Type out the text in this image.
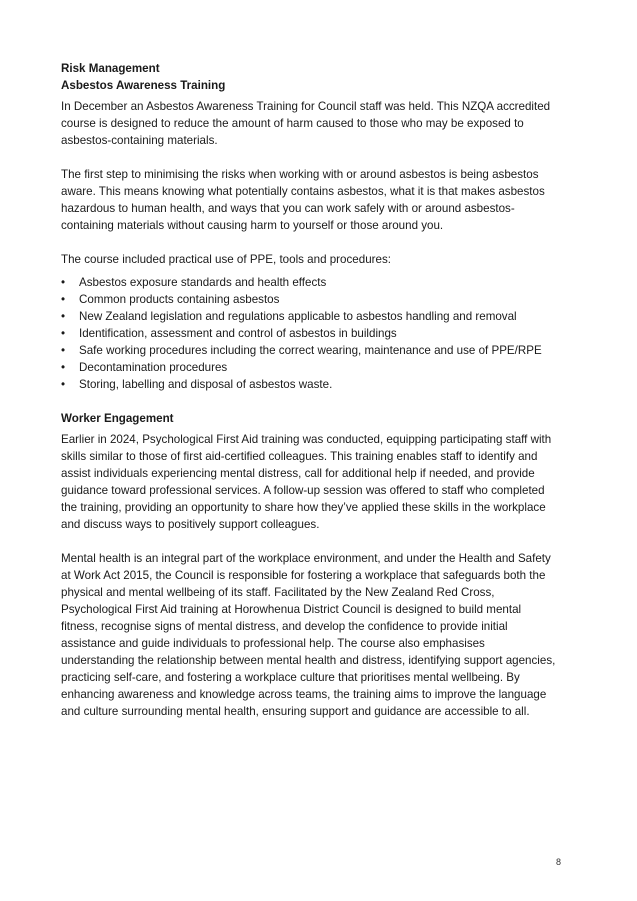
Risk Management

Asbestos Awareness Training

In December an Asbestos Awareness Training for Council staff was held. This NZQA accredited course is designed to reduce the amount of harm caused to those who may be exposed to asbestos-containing materials.

The first step to minimising the risks when working with or around asbestos is being asbestos aware. This means knowing what potentially contains asbestos, what it is that makes asbestos hazardous to human health, and ways that you can work safely with or around asbestos-containing materials without causing harm to yourself or those around you.

The course included practical use of PPE, tools and procedures:

• Asbestos exposure standards and health effects
• Common products containing asbestos
• New Zealand legislation and regulations applicable to asbestos handling and removal
• Identification, assessment and control of asbestos in buildings
• Safe working procedures including the correct wearing, maintenance and use of PPE/RPE
• Decontamination procedures
• Storing, labelling and disposal of asbestos waste.

Worker Engagement

Earlier in 2024, Psychological First Aid training was conducted, equipping participating staff with skills similar to those of first aid-certified colleagues. This training enables staff to identify and assist individuals experiencing mental distress, call for additional help if needed, and provide guidance toward professional services. A follow-up session was offered to staff who completed the training, providing an opportunity to share how they’ve applied these skills in the workplace and discuss ways to positively support colleagues.

Mental health is an integral part of the workplace environment, and under the Health and Safety at Work Act 2015, the Council is responsible for fostering a workplace that safeguards both the physical and mental wellbeing of its staff. Facilitated by the New Zealand Red Cross, Psychological First Aid training at Horowhenua District Council is designed to build mental fitness, recognise signs of mental distress, and develop the confidence to provide initial assistance and guide individuals to professional help. The course also emphasises understanding the relationship between mental health and distress, identifying support agencies, practicing self-care, and fostering a workplace culture that prioritises mental wellbeing. By enhancing awareness and knowledge across teams, the training aims to improve the language and culture surrounding mental health, ensuring support and guidance are accessible to all.

8
